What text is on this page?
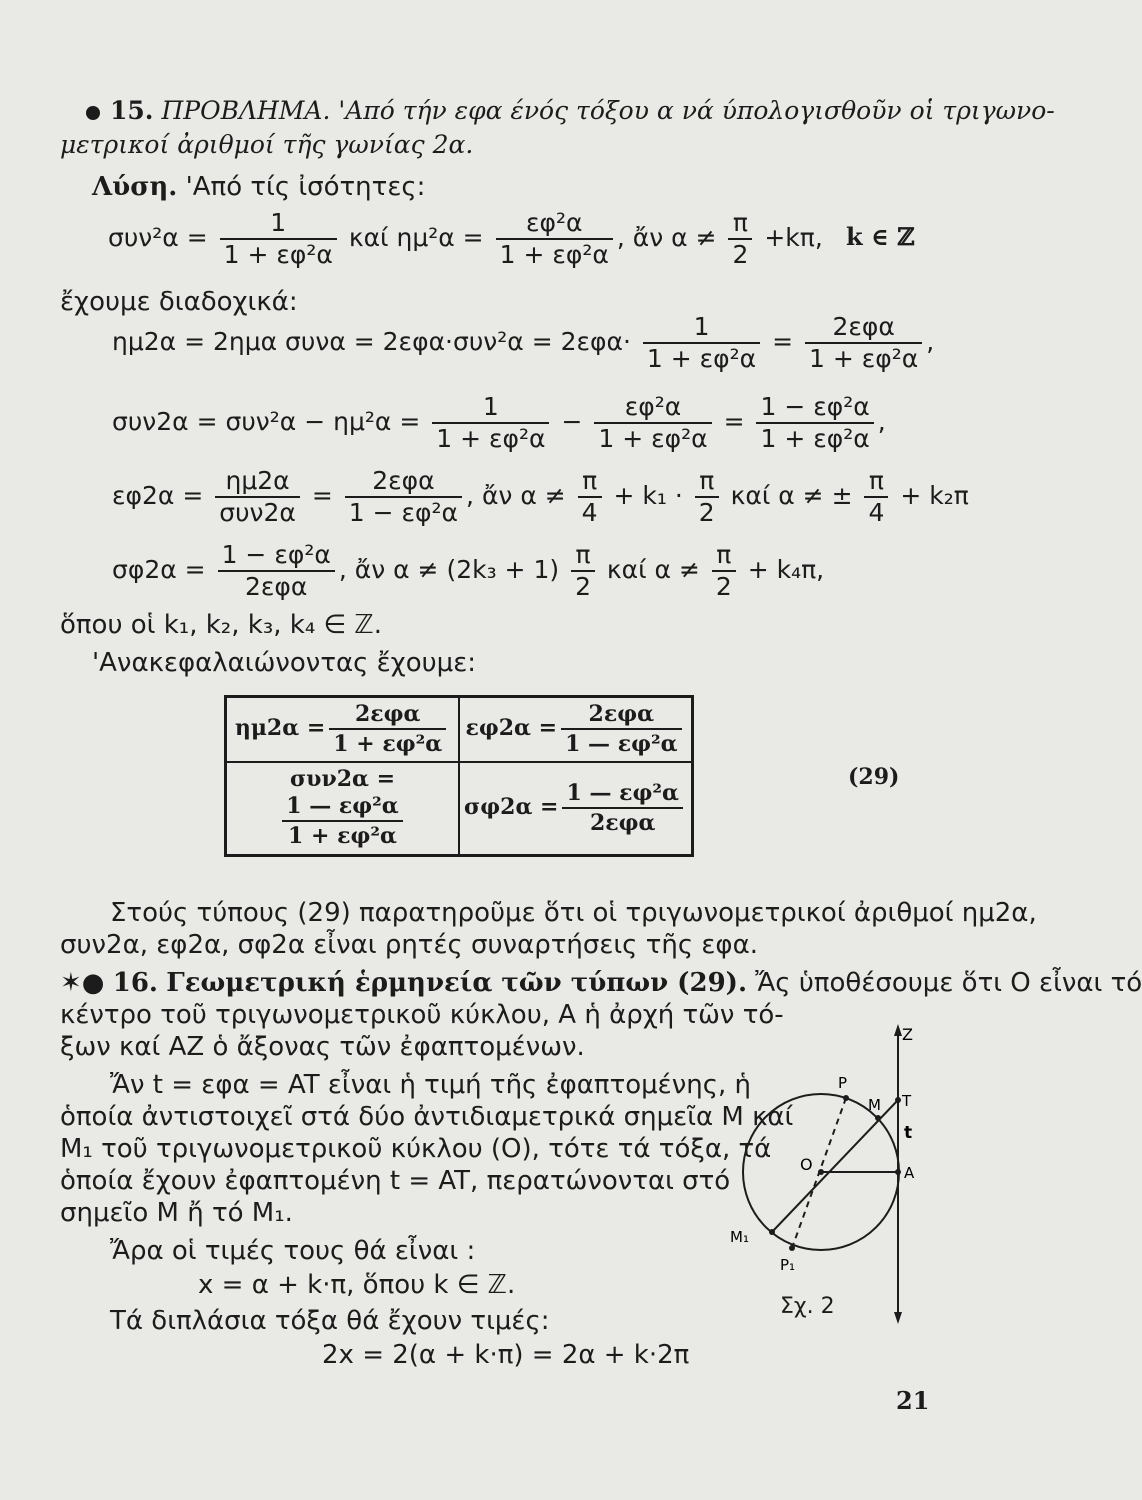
15. ΠΡΟΒΛΗΜΑ. 'Από τήν εφα ένός τόξου α νά ύπολογισθοῦν οἱ τριγωνο-
μετρικοί ἀριθμοί τῆς γωνίας 2α.
Λύση. 'Από τίς ἰσότητες:
$\sigma\upsilon\nu^2\alpha = \frac{1}{\text{1 + εφ²α}}$ καί $\eta\mu^2\alpha = \frac{\text{εφ²α}}{\text{1 + εφ²α}}$ , ἄν $\alpha \ne \frac{\pi}{2} +k\pi$, k ∈ ℤ
ἔχουμε διαδοχικά:
ημ2α = 2ημα $\sigma\upsilon\nu\alpha = 2\varepsilon\varphi\alpha\cdot\sigma\upsilon\nu^2\alpha = 2\varepsilon\varphi\alpha\cdot \frac{1}{\text{1 + εφ²α}} = \frac{\text{2εφα}}{\text{1 + εφ²α}}$ ,
$\sigma\upsilon\nu 2\alpha = \sigma\upsilon\nu^2\alpha - \eta\mu^2\alpha = \frac{1}{\text{1 + εφ²α}} - \frac{\text{εφ²α}}{\text{1 + εφ²α}} = \frac{\text{1 − εφ²α}}{\text{1 + εφ²α}}$ ,
$\varepsilon\varphi 2\alpha = \frac{\eta\mu 2\alpha}{\text{συν2α}} = \frac{\text{2εφα}}{\text{1 − εφ²α}}$ , ἄν $\alpha \ne \frac{\pi}{4} + k_1 \cdot \frac{\pi}{2}$ καί α ≠ ± $\frac{\pi}{4} + k_2\pi$
$\sigma\varphi 2\alpha = \frac{\text{1 − εφ²α}}{\text{2εφα}}$ , ἄν $\alpha \ne (2k_3 + 1) \frac{\pi}{2}$ καί $\alpha \ne \frac{\pi}{2} + k_4\pi$,
ὅπου οἱ k₁, k₂, k₃, k₄ ∈ ℤ.
'Ανακεφαλαιώνοντας ἔχουμε:
$\eta\mu 2\alpha = \frac{\text{2εφα}}{\text{1 + εφ²α}}$	$\varepsilon\varphi 2\alpha = \frac{\text{2εφα}}{\text{1 — εφ²α}}$

συν2α =
$\frac{\text{1 — εφ²α}}{\text{1 + εφ²α}}$	$\sigma\varphi 2\alpha = \frac{\text{1 — εφ²α}}{\text{2εφα}}$
(29)
Στούς τύπους (29) παρατηροῦμε ὅτι οἱ τριγωνομετρικοί ἀριθμοί ημ2α,
συν2α, εφ2α, σφ2α εἶναι ρητές συναρτήσεις τῆς εφα.
✶● 16. Γεωμετρική ἑρμηνεία τῶν τύπων (29). Ἄς ὑποθέσουμε ὅτι Ο εἶναι τό
κέντρο τοῦ τριγωνομετρικοῦ κύκλου, Α ἡ ἀρχή τῶν τό-
ξων καί ΑΖ ὁ ἄξονας τῶν ἐφαπτομένων.
Ἄν t = εφα = AT εἶναι ἡ τιμή τῆς ἐφαπτομένης, ἡ
ὁποία ἀντιστοιχεῖ στά δύο ἀντιδιαμετρικά σημεῖα Μ καί
Μ₁ τοῦ τριγωνομετρικοῦ κύκλου (Ο), τότε τά τόξα, τά
ὁποία ἔχουν ἐφαπτομένη t = AT, περατώνονται στό
σημεῖο Μ ἤ τό Μ₁.
Ἄρα οἱ τιμές τους θά εἶναι :
x = α + k·π, ὅπου k ∈ ℤ.
Τά διπλάσια τόξα θά ἔχουν τιμές:
2x = 2(α + k·π) = 2α + k·2π
Z
P
M T
t
O	A
M₁
P₁
Σχ. 2
21
